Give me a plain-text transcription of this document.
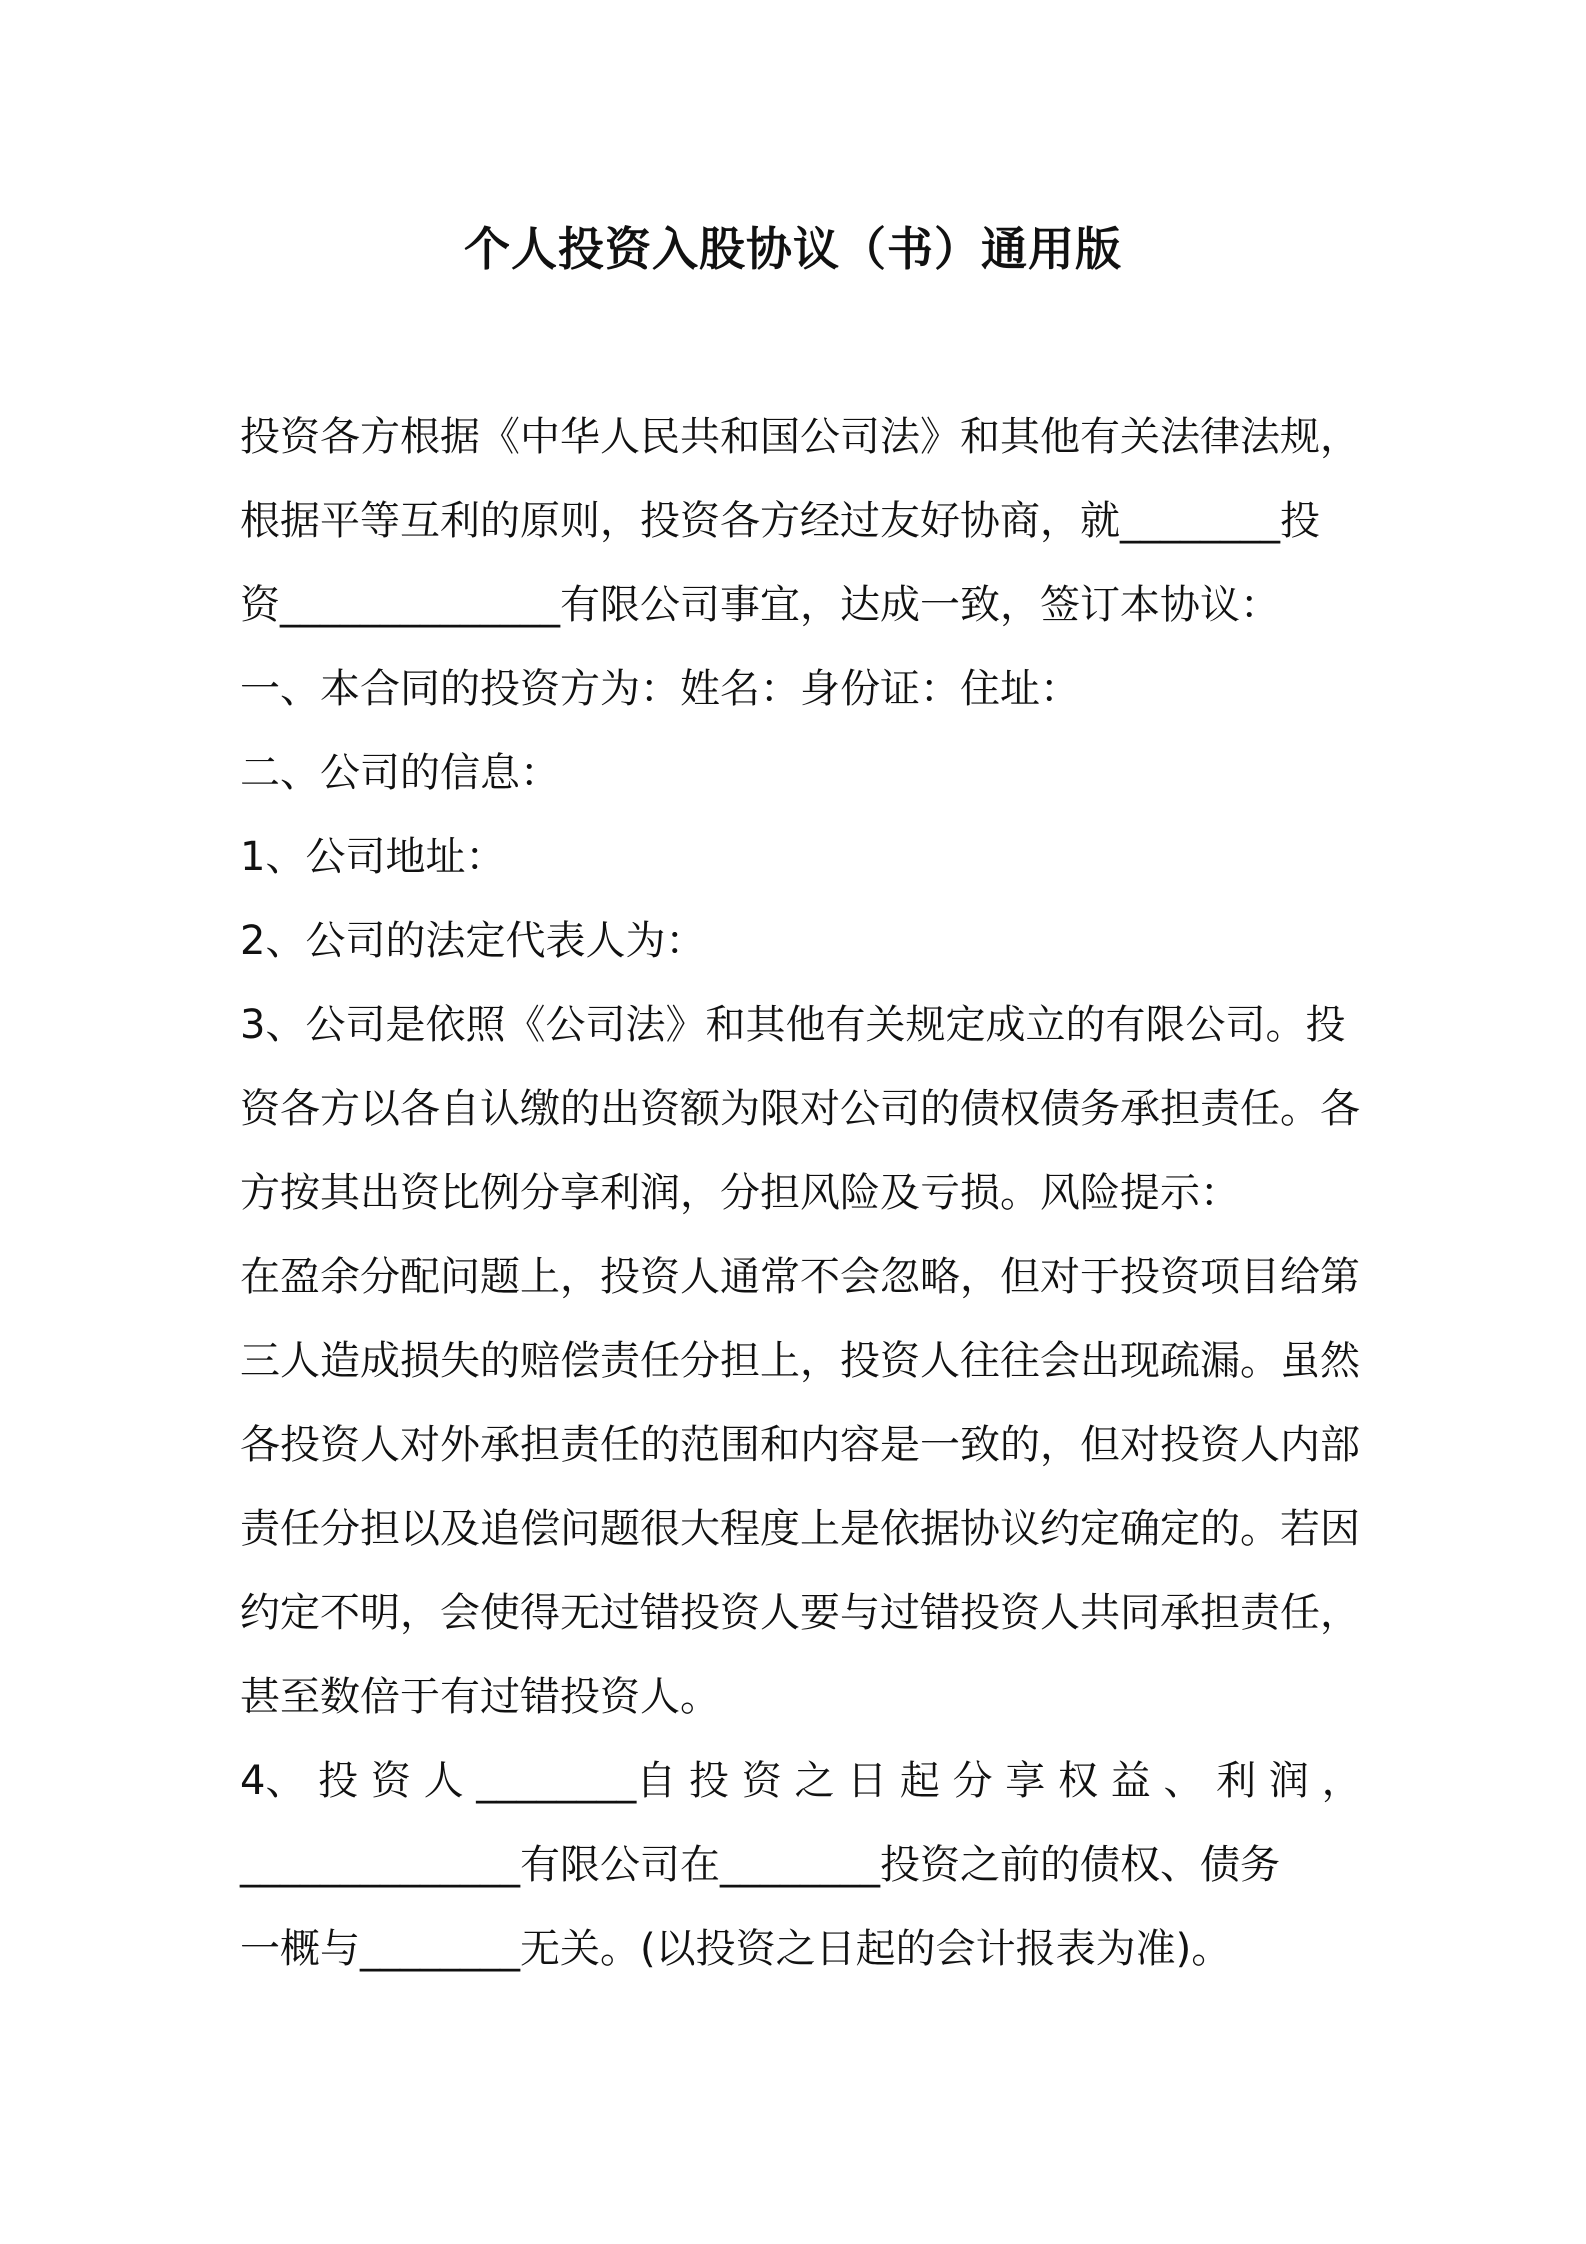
个人投资入股协议（书）通用版
投资各方根据《中华人民共和国公司法》和其他有关法律法规，
根据平等互利的原则，投资各方经过友好协商，就________投
资______________有限公司事宜，达成一致，签订本协议：
一、本合同的投资方为：姓名：身份证：住址：
二、公司的信息：
1、公司地址：
2、公司的法定代表人为：
3、公司是依照《公司法》和其他有关规定成立的有限公司。投
资各方以各自认缴的出资额为限对公司的债权债务承担责任。各
方按其出资比例分享利润，分担风险及亏损。风险提示：
在盈余分配问题上，投资人通常不会忽略，但对于投资项目给第
三人造成损失的赔偿责任分担上，投资人往往会出现疏漏。虽然
各投资人对外承担责任的范围和内容是一致的，但对投资人内部
责任分担以及追偿问题很大程度上是依据协议约定确定的。若因
约定不明，会使得无过错投资人要与过错投资人共同承担责任，
甚至数倍于有过错投资人。
4、 投 资 人 ________自 投 资 之 日 起 分 享 权 益 、 利 润 ，
______________有限公司在________投资之前的债权、债务
一概与________无关。(以投资之日起的会计报表为准)。
